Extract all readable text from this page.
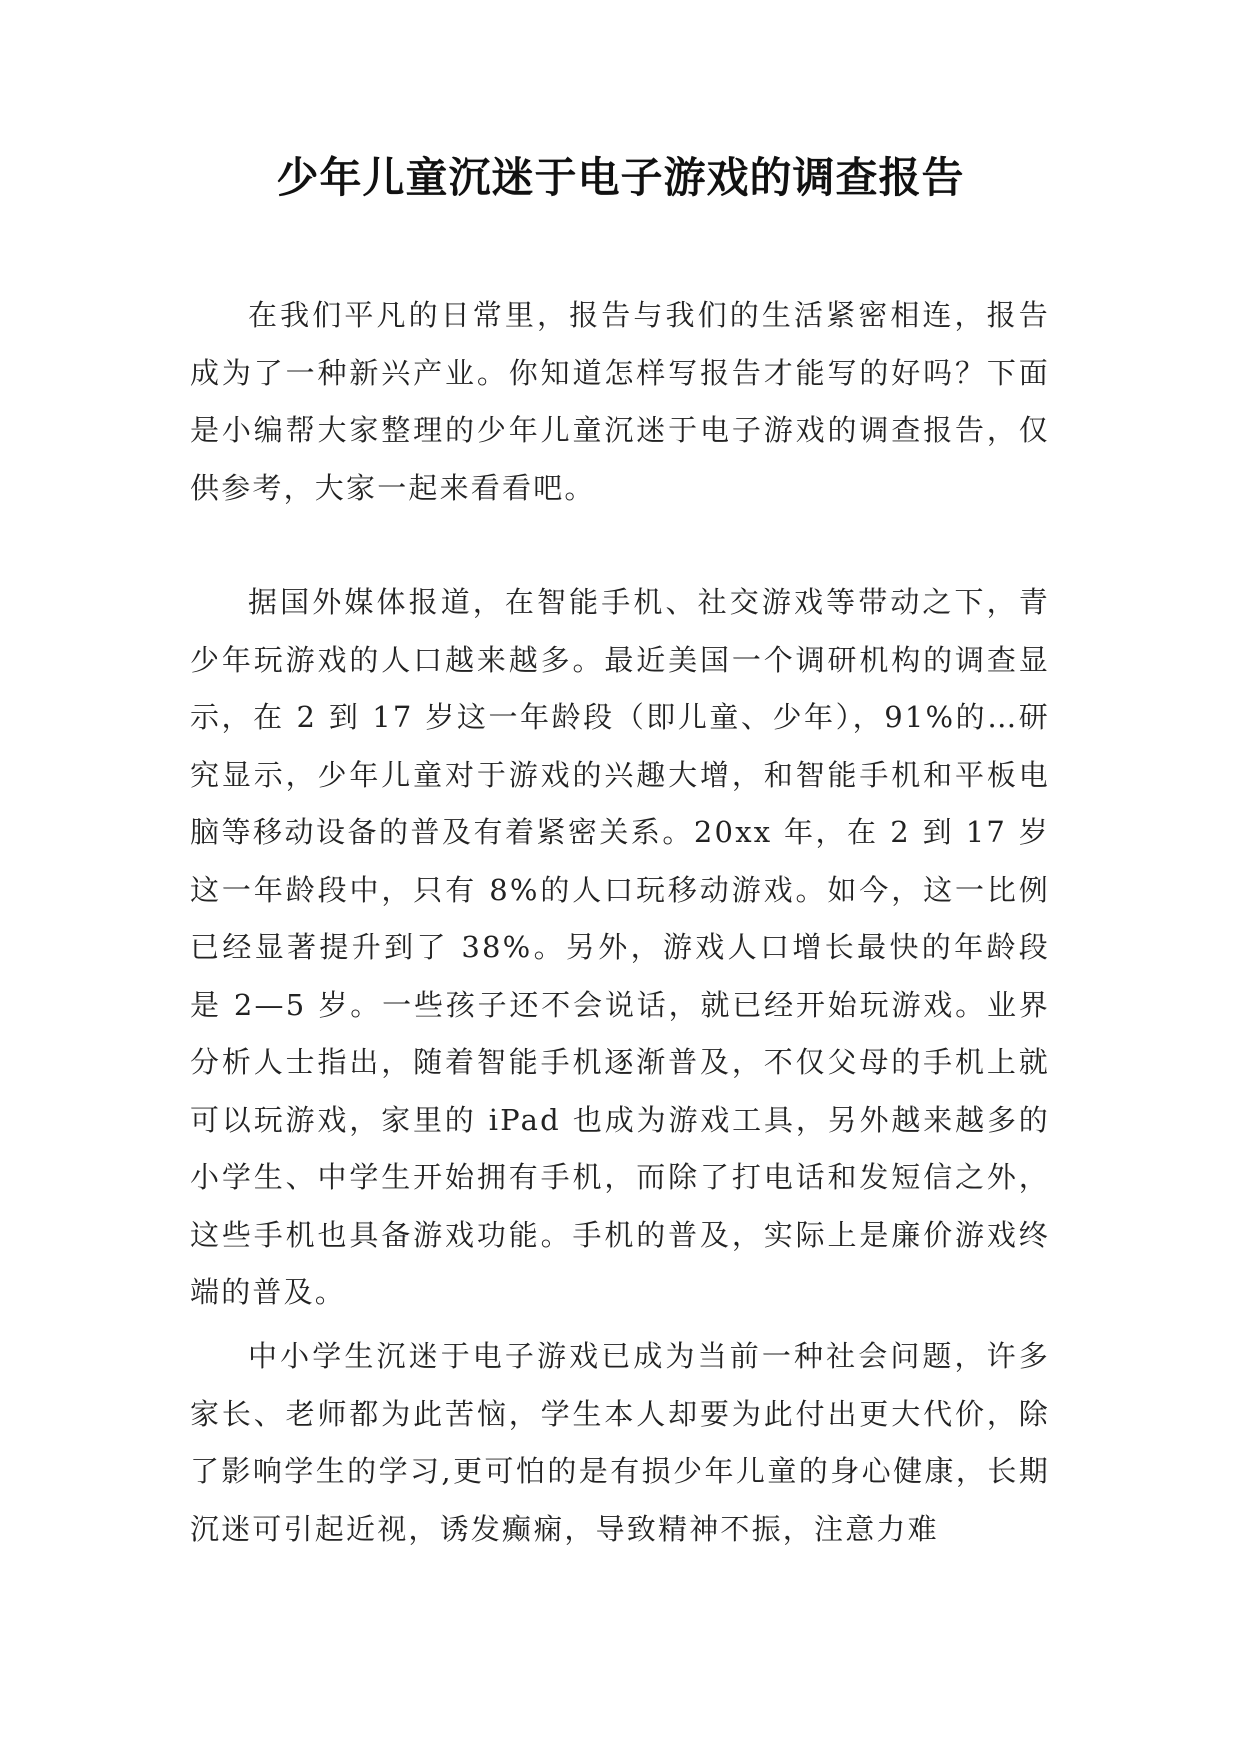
少年儿童沉迷于电子游戏的调查报告

在我们平凡的日常里，报告与我们的生活紧密相连，报告成为了一种新兴产业。你知道怎样写报告才能写的好吗？下面是小编帮大家整理的少年儿童沉迷于电子游戏的调查报告，仅供参考，大家一起来看看吧。

据国外媒体报道，在智能手机、社交游戏等带动之下，青少年玩游戏的人口越来越多。最近美国一个调研机构的调查显示，在 2 到 17 岁这一年龄段（即儿童、少年），91%的…研究显示，少年儿童对于游戏的兴趣大增，和智能手机和平板电脑等移动设备的普及有着紧密关系。20xx 年，在 2 到 17 岁这一年龄段中，只有 8%的人口玩移动游戏。如今，这一比例已经显著提升到了 38%。另外，游戏人口增长最快的年龄段是 2—5 岁。一些孩子还不会说话，就已经开始玩游戏。业界分析人士指出，随着智能手机逐渐普及，不仅父母的手机上就可以玩游戏，家里的 iPad 也成为游戏工具，另外越来越多的小学生、中学生开始拥有手机，而除了打电话和发短信之外，这些手机也具备游戏功能。手机的普及，实际上是廉价游戏终端的普及。

中小学生沉迷于电子游戏已成为当前一种社会问题，许多家长、老师都为此苦恼，学生本人却要为此付出更大代价，除了影响学生的学习,更可怕的是有损少年儿童的身心健康，长期沉迷可引起近视，诱发癫痫，导致精神不振，注意力难
